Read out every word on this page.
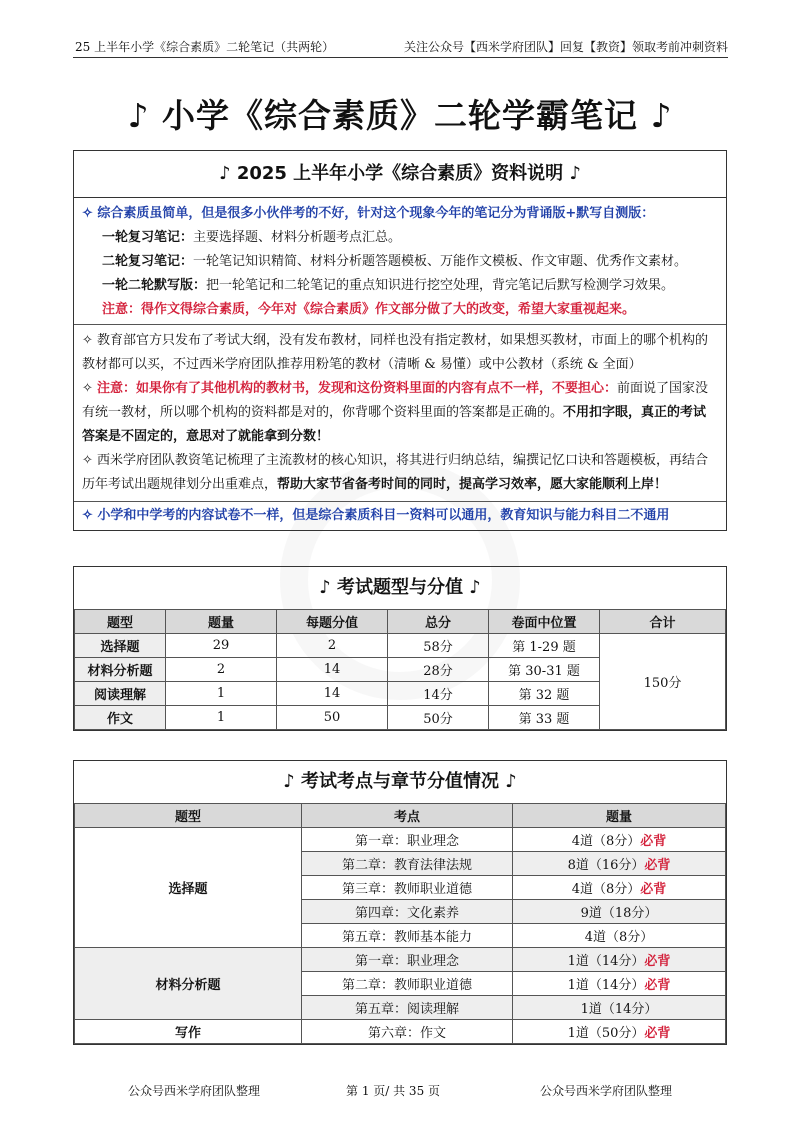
25 上半年小学《综合素质》二轮笔记（共两轮）	关注公众号【西米学府团队】回复【教资】领取考前冲刺资料
♪ 小学《综合素质》二轮学霸笔记 ♪
♪ 2025 上半年小学《综合素质》资料说明 ♪
✧ 综合素质虽简单，但是很多小伙伴考的不好，针对这个现象今年的笔记分为背诵版+默写自测版：
一轮复习笔记：主要选择题、材料分析题考点汇总。
二轮复习笔记：一轮笔记知识精简、材料分析题答题模板、万能作文模板、作文审题、优秀作文素材。
一轮二轮默写版：把一轮笔记和二轮笔记的重点知识进行挖空处理，背完笔记后默写检测学习效果。
注意：得作文得综合素质，今年对《综合素质》作文部分做了大的改变，希望大家重视起来。
✧ 教育部官方只发布了考试大纲，没有发布教材，同样也没有指定教材，如果想买教材，市面上的哪个机构的教材都可以买，不过西米学府团队推荐用粉笔的教材（清晰 & 易懂）或中公教材（系统 & 全面）
✧ 注意：如果你有了其他机构的教材书，发现和这份资料里面的内容有点不一样，不要担心：前面说了国家没有统一教材，所以哪个机构的资料都是对的，你背哪个资料里面的答案都是正确的。不用扣字眼，真正的考试答案是不固定的，意思对了就能拿到分数！
✧ 西米学府团队教资笔记梳理了主流教材的核心知识，将其进行归纳总结，编撰记忆口诀和答题模板，再结合历年考试出题规律划分出重难点，帮助大家节省备考时间的同时，提高学习效率，愿大家能顺利上岸！
✧ 小学和中学考的内容试卷不一样，但是综合素质科目一资料可以通用，教育知识与能力科目二不通用
♪ 考试题型与分值 ♪
题型	题量	每题分值	总分	卷面中位置	合计
选择题	29	2	58分	第 1-29 题	150分
材料分析题	2	14	28分	第 30-31 题	
阅读理解	1	14	14分	第 32 题	
作文	1	50	50分	第 33 题	
♪ 考试考点与章节分值情况 ♪
题型	考点	题量
选择题	第一章：职业理念	4道（8分）必背
	第二章：教育法律法规	8道（16分）必背
	第三章：教师职业道德	4道（8分）必背
	第四章：文化素养	9道（18分）
	第五章：教师基本能力	4道（8分）
材料分析题	第一章：职业理念	1道（14分）必背
	第二章：教师职业道德	1道（14分）必背
	第五章：阅读理解	1道（14分）
写作	第六章：作文	1道（50分）必背
公众号西米学府团队整理	第 1 页/ 共 35 页	公众号西米学府团队整理
